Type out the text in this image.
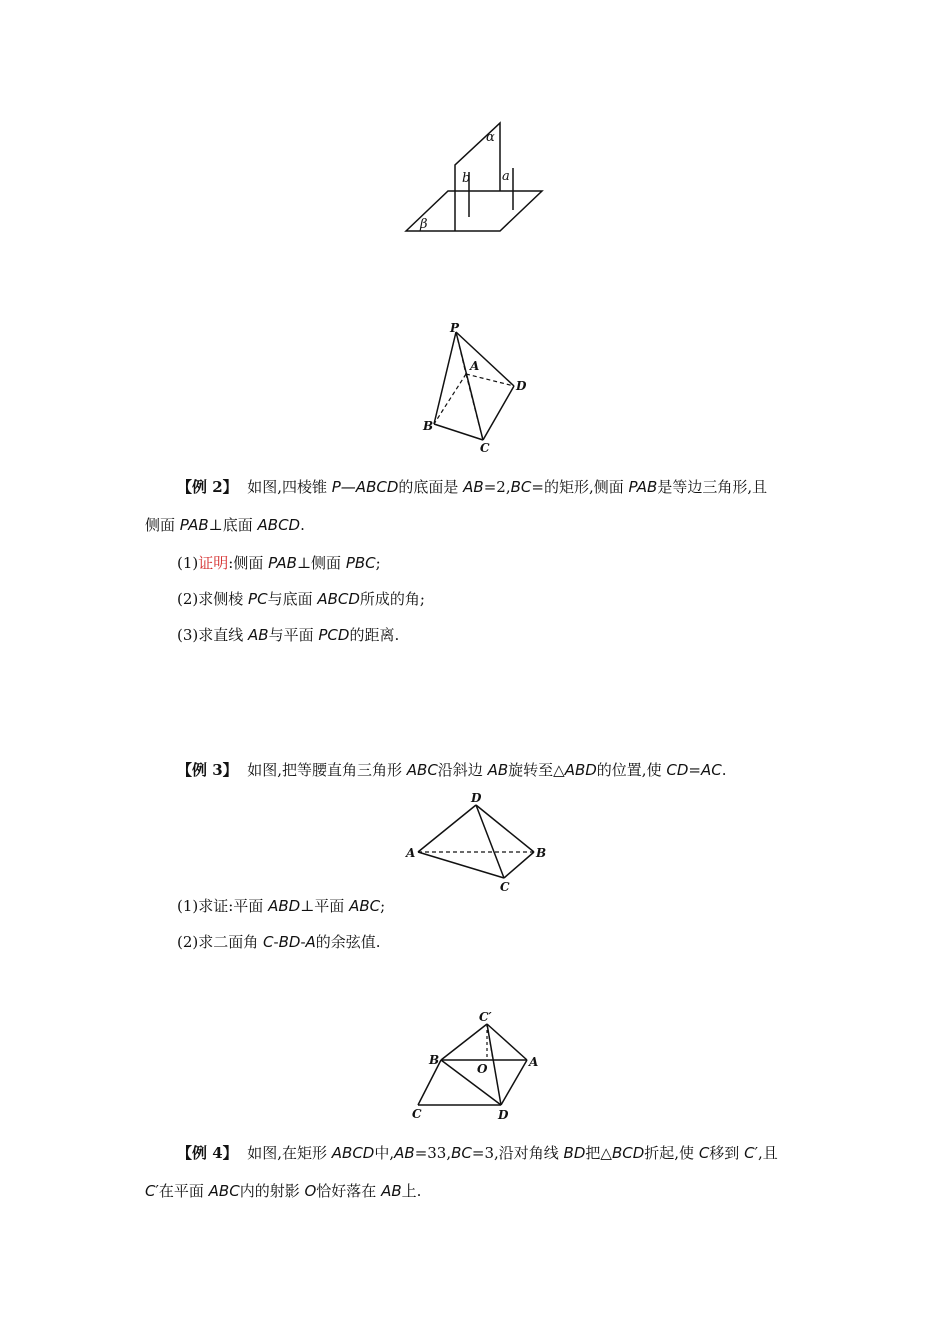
α
β
b a
P
A
D
B
C
【例 2】 如图,四棱锥 P—ABCD的底面是 AB=2,BC=的矩形,侧面 PAB是等边三角形,且
侧面 PAB⊥底面 ABCD.
(1)证明:侧面 PAB⊥侧面 PBC;
(2)求侧棱 PC与底面 ABCD所成的角;
(3)求直线 AB与平面 PCD的距离.
【例 3】 如图,把等腰直角三角形 ABC沿斜边 AB旋转至△ABD的位置,使 CD=AC.
D
A	B
C
(1)求证:平面 ABD⊥平面 ABC;
(2)求二面角 C-BD-A的余弦值.
C′
B	A
O
C	D
【例 4】 如图,在矩形 ABCD中,AB=33,BC=3,沿对角线 BD把△BCD折起,使 C移到 C′,且
C′在平面 ABC内的射影 O恰好落在 AB上.
